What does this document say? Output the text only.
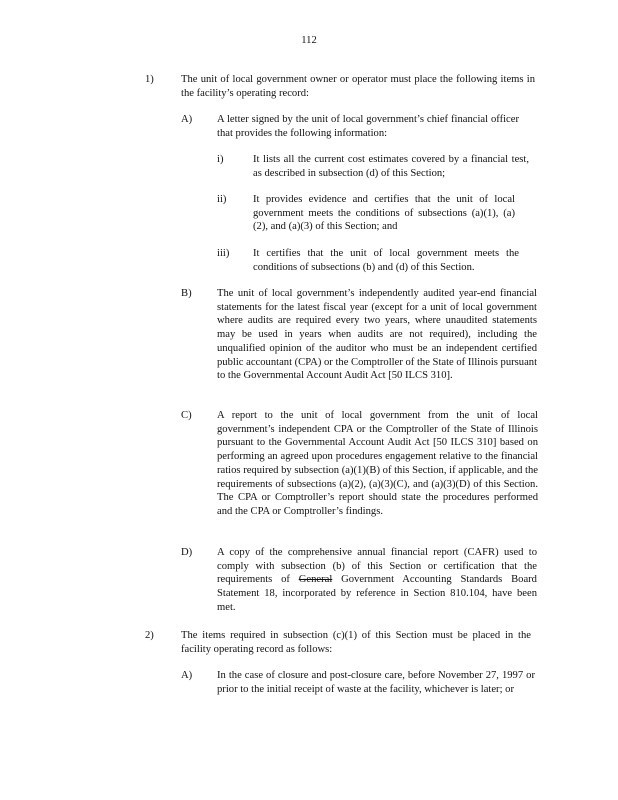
112
1)	The unit of local government owner or operator must place the following items in the facility’s operating record:
A) A letter signed by the unit of local government’s chief financial officer that provides the following information:
i)	It lists all the current cost estimates covered by a financial test, as described in subsection (d) of this Section;
ii)	It provides evidence and certifies that the unit of local government meets the conditions of subsections (a)(1), (a)(2), and (a)(3) of this Section; and
iii) It certifies that the unit of local government meets the conditions of subsections (b) and (d) of this Section.
B) The unit of local government’s independently audited year-end financial statements for the latest fiscal year (except for a unit of local government where audits are required every two years, where unaudited statements may be used in years when audits are not required), including the unqualified opinion of the auditor who must be an independent certified public accountant (CPA) or the Comptroller of the State of Illinois pursuant to the Governmental Account Audit Act [50 ILCS 310].
C) A report to the unit of local government from the unit of local government’s independent CPA or the Comptroller of the State of Illinois pursuant to the Governmental Account Audit Act [50 ILCS 310] based on performing an agreed upon procedures engagement relative to the financial ratios required by subsection (a)(1)(B) of this Section, if applicable, and the requirements of subsections (a)(2), (a)(3)(C), and (a)(3)(D) of this Section. The CPA or Comptroller’s report should state the procedures performed and the CPA or Comptroller’s findings.
D) A copy of the comprehensive annual financial report (CAFR) used to comply with subsection (b) of this Section or certification that the requirements of General Government Accounting Standards Board Statement 18, incorporated by reference in Section 810.104, have been met.
2)	The items required in subsection (c)(1) of this Section must be placed in the facility operating record as follows:
A) In the case of closure and post-closure care, before November 27, 1997 or prior to the initial receipt of waste at the facility, whichever is later; or
